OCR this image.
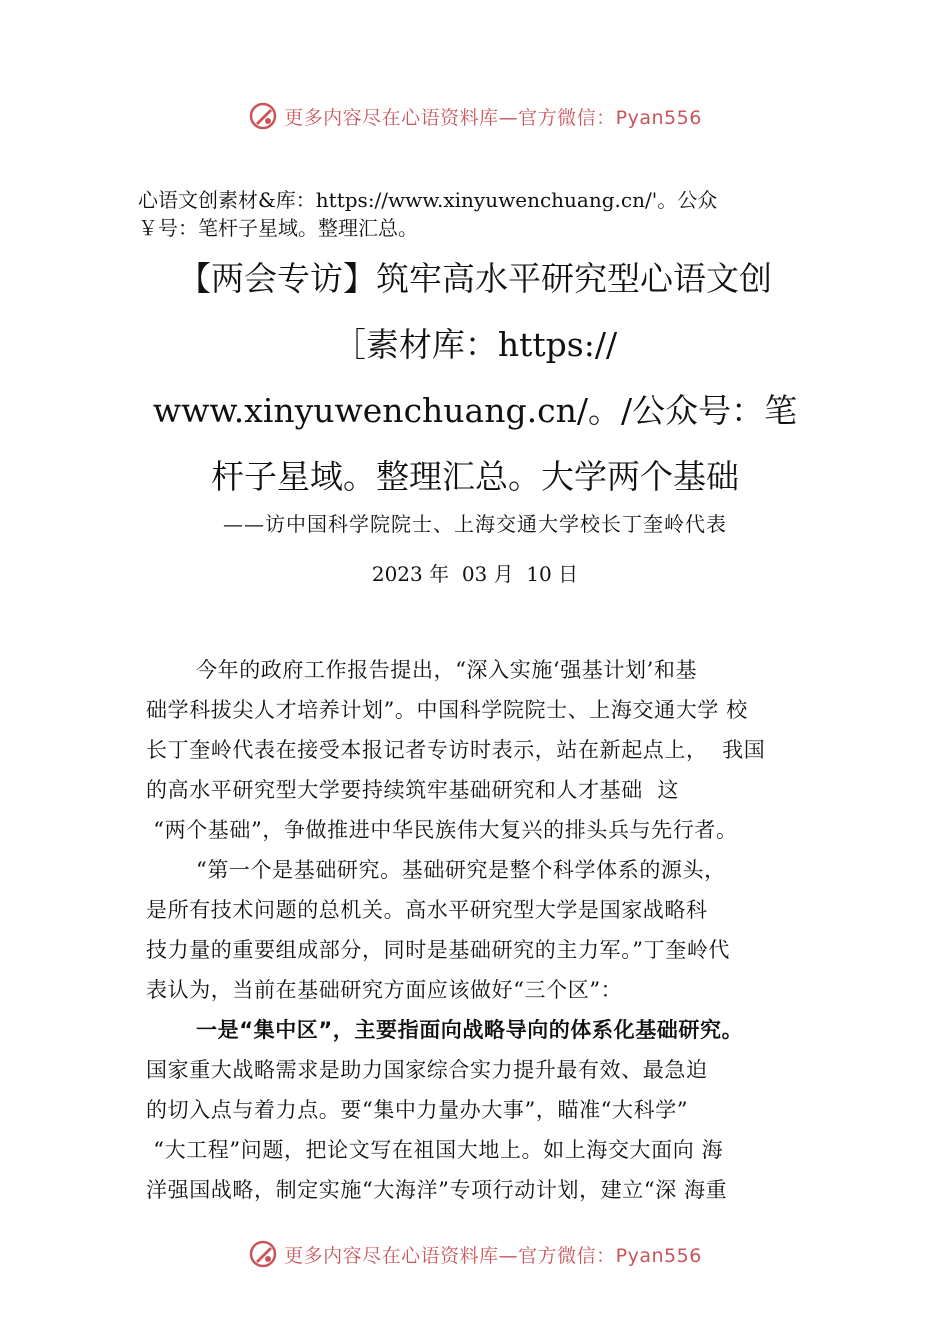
更多内容尽在心语资料库—官方微信：Pyan556
心语文创素材&库：https://www.xinyuwenchuang.cn/'。公众
￥号：笔杆子星域。整理汇总。
【两会专访】筑牢高水平研究型心语文创
［素材库：https://
www.xinyuwenchuang.cn/。/公众号：笔
杆子星域。整理汇总。大学两个基础
——访中国科学院院士、上海交通大学校长丁奎岭代表
2023 年  03 月  10 日
今年的政府工作报告提出，“深入实施‘强基计划’和基
础学科拔尖人才培养计划”。中国科学院院士、上海交通大学 校
长丁奎岭代表在接受本报记者专访时表示，站在新起点上，  我国
的高水平研究型大学要持续筑牢基础研究和人才基础  这
“两个基础”，争做推进中华民族伟大复兴的排头兵与先行者。
“第一个是基础研究。基础研究是整个科学体系的源头，
是所有技术问题的总机关。高水平研究型大学是国家战略科
技力量的重要组成部分，同时是基础研究的主力军。”丁奎岭代
表认为，当前在基础研究方面应该做好“三个区”：
一是“集中区”，主要指面向战略导向的体系化基础研究。
国家重大战略需求是助力国家综合实力提升最有效、最急迫
的切入点与着力点。要“集中力量办大事”，瞄准“大科学”
“大工程”问题，把论文写在祖国大地上。如上海交大面向 海
洋强国战略，制定实施“大海洋”专项行动计划，建立“深 海重
更多内容尽在心语资料库—官方微信：Pyan556
